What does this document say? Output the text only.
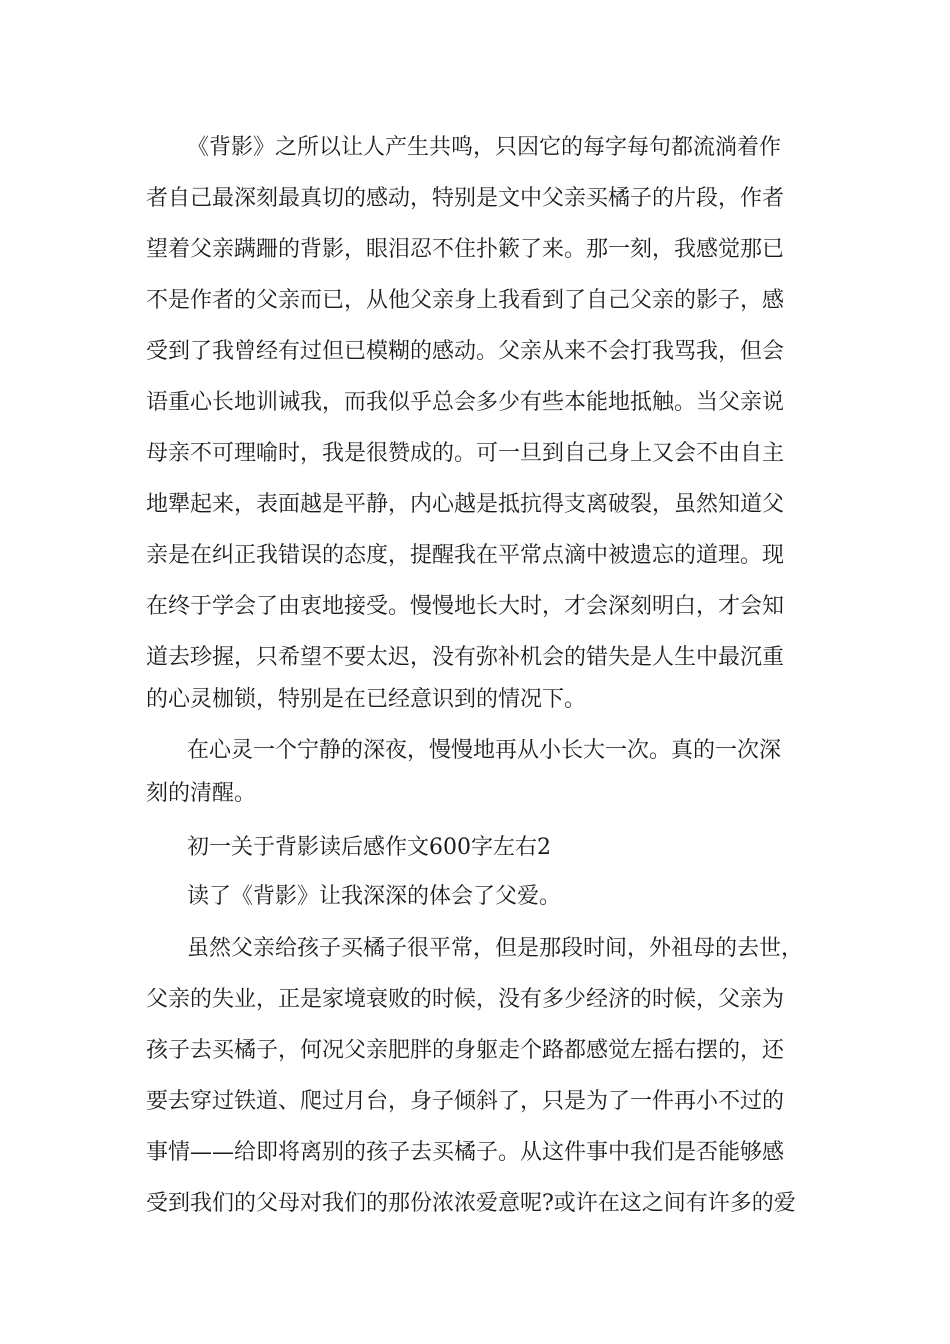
《背影》之所以让人产生共鸣，只因它的每字每句都流淌着作
者自己最深刻最真切的感动，特别是文中父亲买橘子的片段，作者
望着父亲蹒跚的背影，眼泪忍不住扑簌了来。那一刻，我感觉那已
不是作者的父亲而已，从他父亲身上我看到了自己父亲的影子，感
受到了我曾经有过但已模糊的感动。父亲从来不会打我骂我，但会
语重心长地训诫我，而我似乎总会多少有些本能地抵触。当父亲说
母亲不可理喻时，我是很赞成的。可一旦到自己身上又会不由自主
地犟起来，表面越是平静，内心越是抵抗得支离破裂，虽然知道父
亲是在纠正我错误的态度，提醒我在平常点滴中被遗忘的道理。现
在终于学会了由衷地接受。慢慢地长大时，才会深刻明白，才会知
道去珍握，只希望不要太迟，没有弥补机会的错失是人生中最沉重
的心灵枷锁，特别是在已经意识到的情况下。
在心灵一个宁静的深夜，慢慢地再从小长大一次。真的一次深
刻的清醒。
初一关于背影读后感作文600字左右2
读了《背影》让我深深的体会了父爱。
虽然父亲给孩子买橘子很平常，但是那段时间，外祖母的去世，
父亲的失业，正是家境衰败的时候，没有多少经济的时候，父亲为
孩子去买橘子，何况父亲肥胖的身躯走个路都感觉左摇右摆的，还
要去穿过铁道、爬过月台，身子倾斜了，只是为了一件再小不过的
事情——给即将离别的孩子去买橘子。从这件事中我们是否能够感
受到我们的父母对我们的那份浓浓爱意呢?或许在这之间有许多的爱
